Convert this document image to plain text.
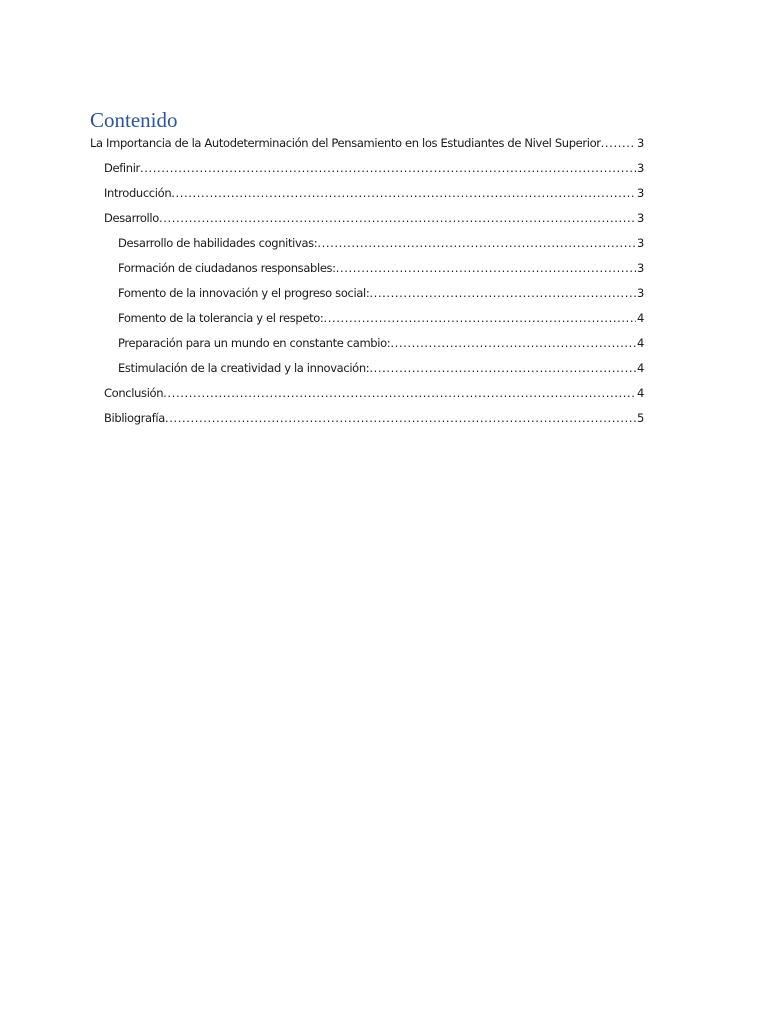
Contenido
La Importancia de la Autodeterminación del Pensamiento en los Estudiantes de Nivel Superior .....	3
Definir .....	3
Introducción .....	3
Desarrollo .....	3
Desarrollo de habilidades cognitivas: .....	3
Formación de ciudadanos responsables: .....	3
Fomento de la innovación y el progreso social: .....	3
Fomento de la tolerancia y el respeto: .....	4
Preparación para un mundo en constante cambio: .....	4
Estimulación de la creatividad y la innovación: .....	4
Conclusión .....	4
Bibliografía .....	5
